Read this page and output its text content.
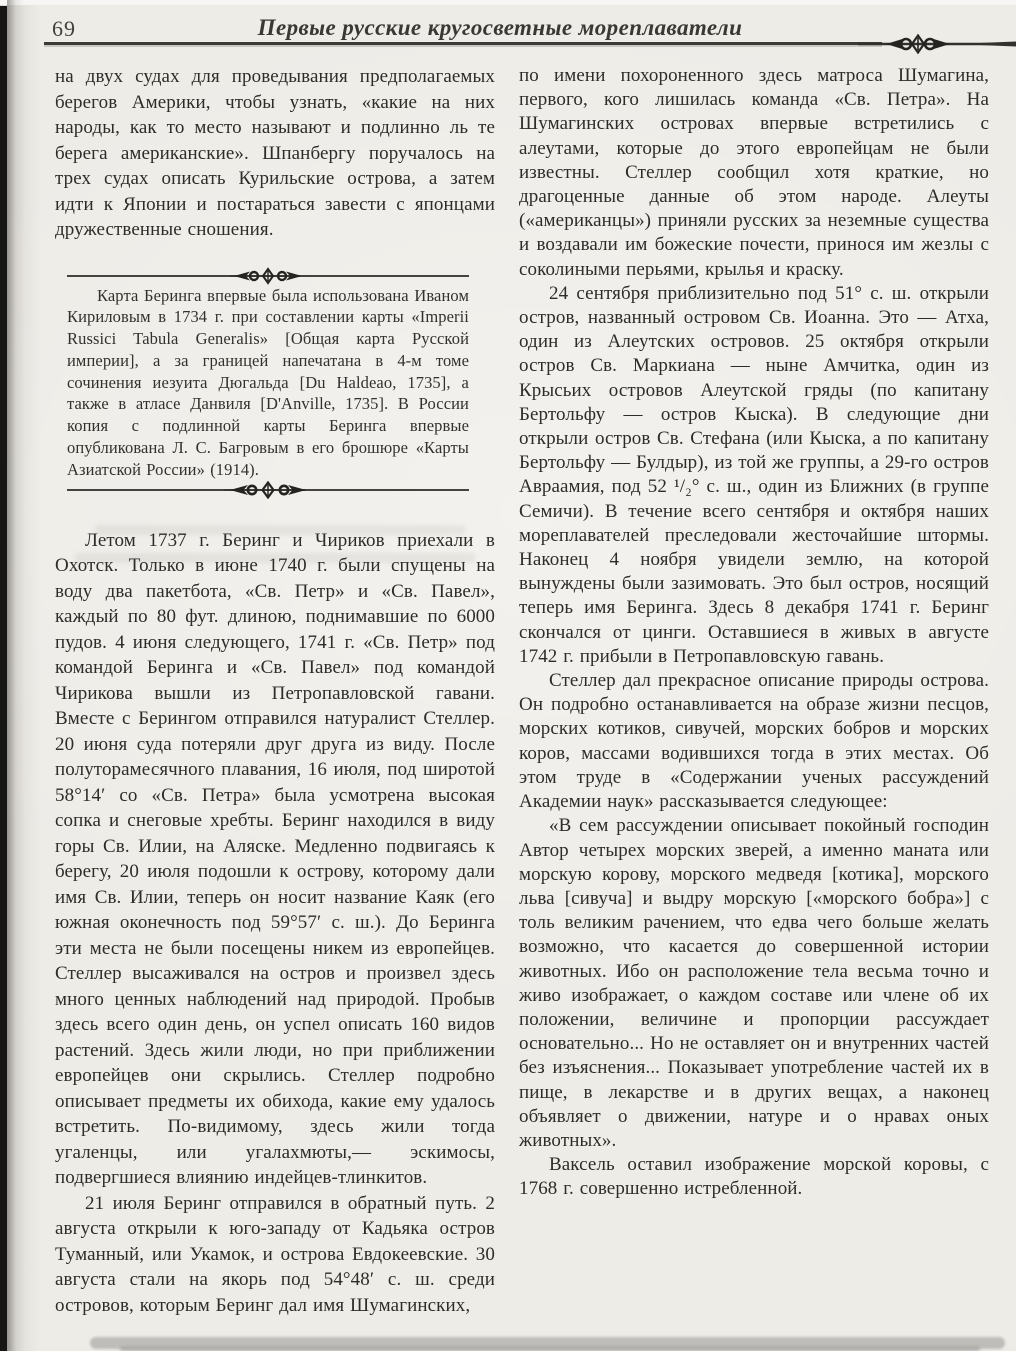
69	Первые русские кругосветные мореплаватели

на двух судах для проведывания предполагаемых берегов Америки, чтобы узнать, «какие на них народы, как то место называют и подлинно ль те берега американские». Шпанбергу поручалось на трех судах описать Курильские острова, а затем идти к Японии и постараться завести с японцами дружественные сношения.

Карта Беринга впервые была использована Иваном Кириловым в 1734 г. при составлении карты «Imperii Russici Tabula Generalis» [Общая карта Русской империи], а за границей напечатана в 4-м томе сочинения иезуита Дюгальда [Du Haldeao, 1735], а также в атласе Данвиля [D'Anville, 1735]. В России копия с подлинной карты Беринга впервые опубликована Л. С. Багровым в его брошюре «Карты Азиатской России» (1914).

Летом 1737 г. Беринг и Чириков приехали в Охотск. Только в июне 1740 г. были спущены на воду два пакетбота, «Св. Петр» и «Св. Павел», каждый по 80 фут. длиною, поднимавшие по 6000 пудов. 4 июня следующего, 1741 г. «Св. Петр» под командой Беринга и «Св. Павел» под командой Чирикова вышли из Петропавловской гавани. Вместе с Берингом отправился натуралист Стеллер. 20 июня суда потеряли друг друга из виду. После полуторамесячного плавания, 16 июля, под широтой 58°14′ со «Св. Петра» была усмотрена высокая сопка и снеговые хребты. Беринг находился в виду горы Св. Илии, на Аляске. Медленно подвигаясь к берегу, 20 июля подошли к острову, которому дали имя Св. Илии, теперь он носит название Каяк (его южная оконечность под 59°57′ с. ш.). До Беринга эти места не были посещены никем из европейцев. Стеллер высаживался на остров и произвел здесь много ценных наблюдений над природой. Пробыв здесь всего один день, он успел описать 160 видов растений. Здесь жили люди, но при приближении европейцев они скрылись. Стеллер подробно описывает предметы их обихода, какие ему удалось встретить. По-видимому, здесь жили тогда угаленцы, или угалахмюты,— эскимосы, подвергшиеся влиянию индейцев-тлинкитов.

21 июля Беринг отправился в обратный путь. 2 августа открыли к юго-западу от Кадьяка остров Туманный, или Укамок, и острова Евдокеевские. 30 августа стали на якорь под 54°48′ с. ш. среди островов, которым Беринг дал имя Шумагинских,

по имени похороненного здесь матроса Шумагина, первого, кого лишилась команда «Св. Петра». На Шумагинских островах впервые встретились с алеутами, которые до этого европейцам не были известны. Стеллер сообщил хотя краткие, но драгоценные данные об этом народе. Алеуты («американцы») приняли русских за неземные существа и воздавали им божеские почести, принося им жезлы с соколиными перьями, крылья и краску.

24 сентября приблизительно под 51° с. ш. открыли остров, названный островом Св. Иоанна. Это — Атха, один из Алеутских островов. 25 октября открыли остров Св. Маркиана — ныне Амчитка, один из Крысьих островов Алеутской гряды (по капитану Бертольфу — остров Кыска). В следующие дни открыли остров Св. Стефана (или Кыска, а по капитану Бертольфу — Булдыр), из той же группы, а 29-го остров Авраамия, под 52 ¹/₂° с. ш., один из Ближних (в группе Семичи). В течение всего сентября и октября наших мореплавателей преследовали жесточайшие штормы. Наконец 4 ноября увидели землю, на которой вынуждены были зазимовать. Это был остров, носящий теперь имя Беринга. Здесь 8 декабря 1741 г. Беринг скончался от цинги. Оставшиеся в живых в августе 1742 г. прибыли в Петропавловскую гавань.

Стеллер дал прекрасное описание природы острова. Он подробно останавливается на образе жизни песцов, морских котиков, сивучей, морских бобров и морских коров, массами водившихся тогда в этих местах. Об этом труде в «Содержании ученых рассуждений Академии наук» рассказывается следующее:

«В сем рассуждении описывает покойный господин Автор четырех морских зверей, а именно маната или морскую корову, морского медведя [котика], морского льва [сивуча] и выдру морскую [«морского бобра»] с толь великим рачением, что едва чего больше желать возможно, что касается до совершенной истории животных. Ибо он расположение тела весьма точно и живо изображает, о каждом составе или члене об их положении, величине и пропорции рассуждает основательно... Но не оставляет он и внутренних частей без изъяснения... Показывает употребление частей их в пище, в лекарстве и в других вещах, а наконец объявляет о движении, натуре и о нравах оных животных».

Ваксель оставил изображение морской коровы, с 1768 г. совершенно истребленной.
